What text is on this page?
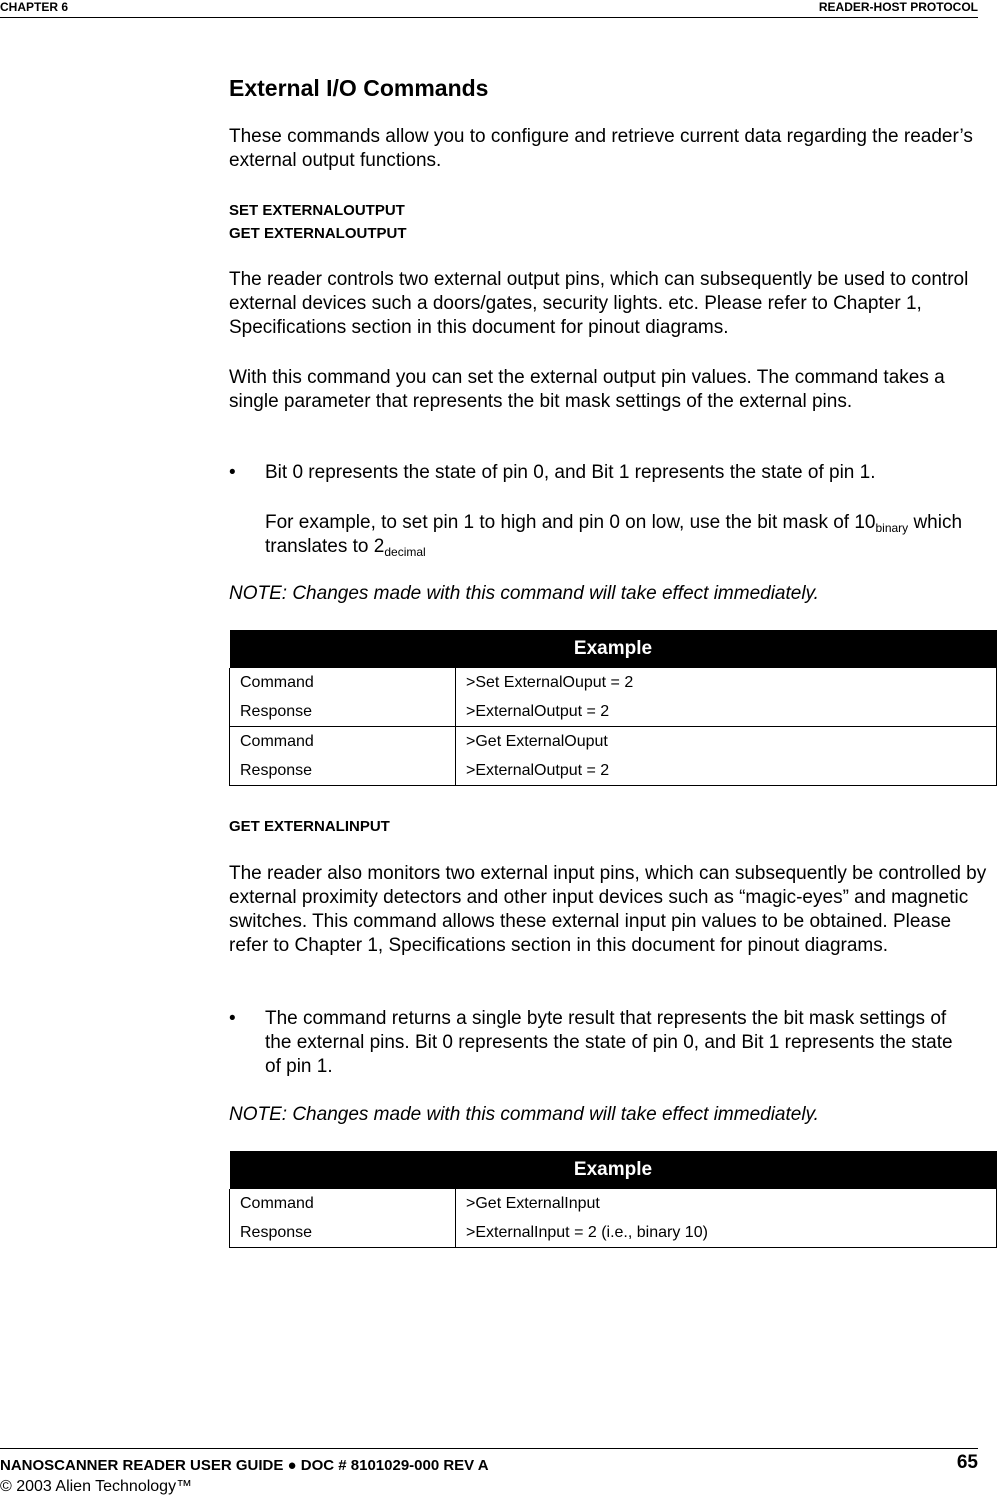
CHAPTER 6	READER-HOST PROTOCOL
External I/O Commands

These commands allow you to configure and retrieve current data regarding the reader’s external output functions.

SET EXTERNALOUTPUT
GET EXTERNALOUTPUT

The reader controls two external output pins, which can subsequently be used to control external devices such a doors/gates, security lights. etc. Please refer to Chapter 1, Specifications section in this document for pinout diagrams.

With this command you can set the external output pin values. The command takes a single parameter that represents the bit mask settings of the external pins.

• Bit 0 represents the state of pin 0, and Bit 1 represents the state of pin 1.
For example, to set pin 1 to high and pin 0 on low, use the bit mask of $10_{binary}$ which translates to $2_{decimal}$

NOTE: Changes made with this command will take effect immediately.

Example	
Command	>Set ExternalOuput = 2
Response	>ExternalOutput = 2
Command	>Get ExternalOuput
Response	>ExternalOutput = 2
GET EXTERNALINPUT

The reader also monitors two external input pins, which can subsequently be controlled by external proximity detectors and other input devices such as “magic-eyes” and magnetic switches. This command allows these external input pin values to be obtained. Please refer to Chapter 1, Specifications section in this document for pinout diagrams.

• The command returns a single byte result that represents the bit mask settings of the external pins. Bit 0 represents the state of pin 0, and Bit 1 represents the state of pin 1.

NOTE: Changes made with this command will take effect immediately.

Example	
Command	>Get ExternalInput
Response	>ExternalInput = 2 (i.e., binary 10)
NANOSCANNER READER USER GUIDE ● DOC # 8101029-000 REV A
© 2003 Alien Technology™
65
